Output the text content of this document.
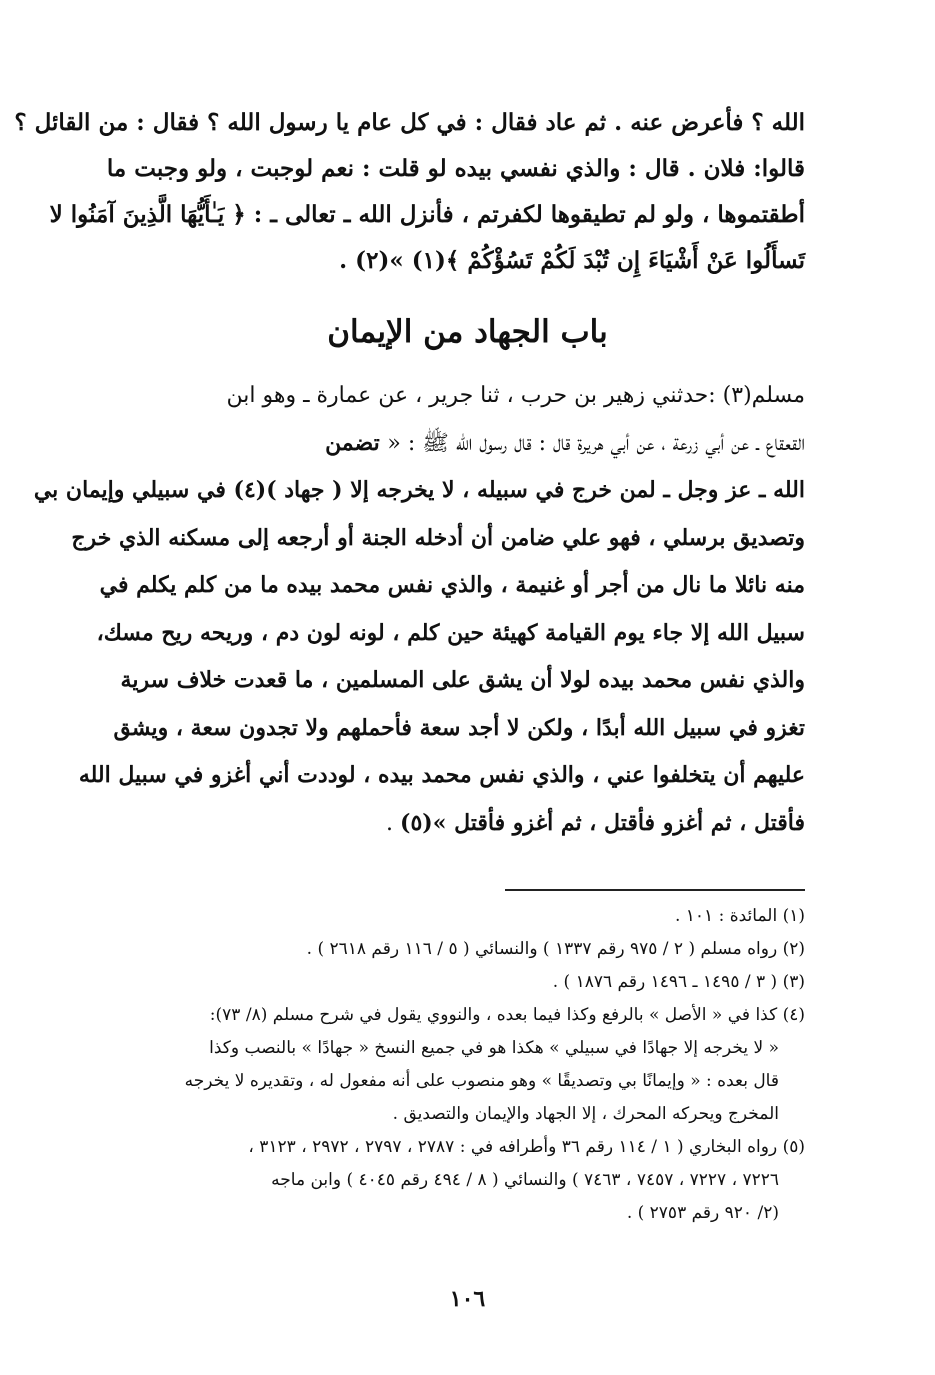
الله ؟ فأعرض عنه . ثم عاد فقال : في كل عام يا رسول الله ؟ فقال : من القائل ؟
قالوا: فلان . قال : والذي نفسي بيده لو قلت : نعم لوجبت ، ولو وجبت ما
أطقتموها ، ولو لم تطيقوها لكفرتم ، فأنزل الله ـ تعالى ـ : ﴿ يَـٰأَيُّهَا الَّذِينَ آمَنُوا لا
تَسأَلُوا عَنْ أَشْيَاءَ إِن تُبْدَ لَكُمْ تَسُؤْكُمْ ﴾(١) »(٢) .
باب الجهاد من الإيمان
مسلم(٣) :حدثني زهير بن حرب ، ثنا جرير ، عن عمارة ـ وهو ابن
القعقاع ـ عن أبي زرعة ، عن أبي هريرة قال : قال رسول الله ﷺ : « تضمن
الله ـ عز وجل ـ لمن خرج في سبيله ، لا يخرجه إلا ( جهاد )(٤) في سبيلي وإيمان بي
وتصديق برسلي ، فهو علي ضامن أن أدخله الجنة أو أرجعه إلى مسكنه الذي خرج
منه نائلا ما نال من أجر أو غنيمة ، والذي نفس محمد بيده ما من كلم يكلم في
سبيل الله إلا جاء يوم القيامة كهيئة حين كلم ، لونه لون دم ، وريحه ريح مسك،
والذي نفس محمد بيده لولا أن يشق على المسلمين ، ما قعدت خلاف سرية
تغزو في سبيل الله أبدًا ، ولكن لا أجد سعة فأحملهم ولا تجدون سعة ، ويشق
عليهم أن يتخلفوا عني ، والذي نفس محمد بيده ، لوددت أني أغزو في سبيل الله
فأقتل ، ثم أغزو فأقتل ، ثم أغزو فأقتل »(٥) .
(١) المائدة : ١٠١ .
(٢) رواه مسلم ( ٢ / ٩٧٥ رقم ١٣٣٧ ) والنسائي ( ٥ / ١١٦ رقم ٢٦١٨ ) .
(٣) ( ٣ / ١٤٩٥ ـ ١٤٩٦ رقم ١٨٧٦ ) .
(٤) كذا في « الأصل » بالرفع وكذا فيما بعده ، والنووي يقول في شرح مسلم (٨/ ٧٣):
« لا يخرجه إلا جهادًا في سبيلي » هكذا هو في جميع النسخ « جهادًا » بالنصب وكذا
قال بعده : « وإيمانًا بي وتصديقًا » وهو منصوب على أنه مفعول له ، وتقديره لا يخرجه
المخرج ويحركه المحرك ، إلا الجهاد والإيمان والتصديق .
(٥) رواه البخاري ( ١ / ١١٤ رقم ٣٦ وأطرافه في : ٢٧٨٧ ، ٢٧٩٧ ، ٢٩٧٢ ، ٣١٢٣ ،
٧٢٢٦ ، ٧٢٢٧ ، ٧٤٥٧ ، ٧٤٦٣ ) والنسائي ( ٨ / ٤٩٤ رقم ٤٠٤٥ ) وابن ماجه
(٢/ ٩٢٠ رقم ٢٧٥٣ ) .
١٠٦
